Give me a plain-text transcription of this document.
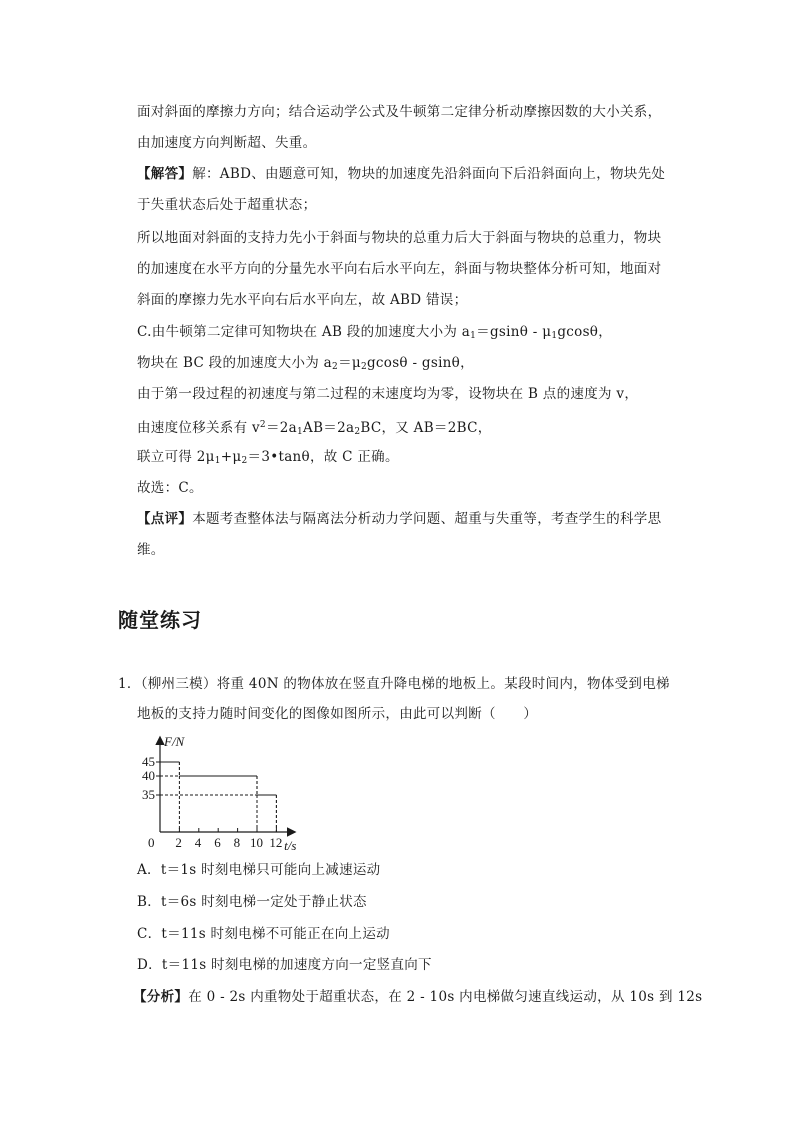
面对斜面的摩擦力方向；结合运动学公式及牛顿第二定律分析动摩擦因数的大小关系，
由加速度方向判断超、失重。
【解答】解：ABD、由题意可知，物块的加速度先沿斜面向下后沿斜面向上，物块先处
于失重状态后处于超重状态；
所以地面对斜面的支持力先小于斜面与物块的总重力后大于斜面与物块的总重力，物块
的加速度在水平方向的分量先水平向右后水平向左，斜面与物块整体分析可知，地面对
斜面的摩擦力先水平向右后水平向左，故 ABD 错误；
C.由牛顿第二定律可知物块在 AB 段的加速度大小为 $a_1=gsin\theta - \mu_1gcos\theta$，
物块在 BC 段的加速度大小为 $a_2=\mu_2gcos\theta - gsin\theta$，
由于第一段过程的初速度与第二过程的末速度均为零，设物块在 B 点的速度为 v，
由速度位移关系有 $v^2=2a_1AB=2a_2BC$，又 AB＝2BC，
联立可得 $2\mu_1+\mu_2=3•\tan\theta$，故 C 正确。
故选：C。
【点评】本题考查整体法与隔离法分析动力学问题、超重与失重等，考查学生的科学思
维。
随堂练习
1．（柳州三模）将重 40N 的物体放在竖直升降电梯的地板上。某段时间内，物体受到电梯
地板的支持力随时间变化的图像如图所示，由此可以判断（　　）
F/N
t/s
0 2 4 6 8 10 12
35
40
45
A．t＝1s 时刻电梯只可能向上减速运动
B．t＝6s 时刻电梯一定处于静止状态
C．t＝11s 时刻电梯不可能正在向上运动
D．t＝11s 时刻电梯的加速度方向一定竖直向下
【分析】在 0 - 2s 内重物处于超重状态，在 2 - 10s 内电梯做匀速直线运动，从 10s 到 12s
